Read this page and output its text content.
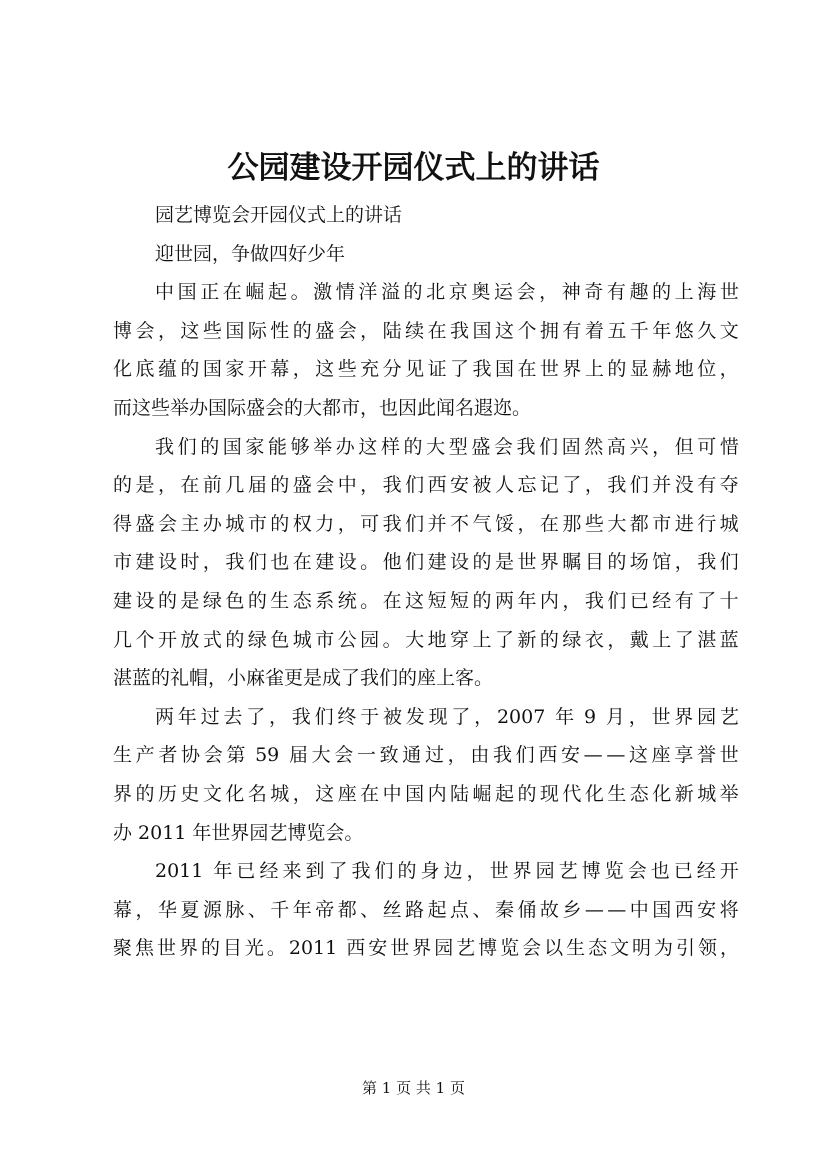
公园建设开园仪式上的讲话
园艺博览会开园仪式上的讲话
迎世园，争做四好少年
中 国 正 在 崛 起 。 激 情 洋 溢 的 北 京 奥 运 会 ， 神 奇 有 趣 的 上 海 世
博 会 ， 这 些 国 际 性 的 盛 会 ， 陆 续 在 我 国 这 个 拥 有 着 五 千 年 悠 久 文
化 底 蕴 的 国 家 开 幕 ， 这 些 充 分 见 证 了 我 国 在 世 界 上 的 显 赫 地 位 ，
而这些举办国际盛会的大都市，也因此闻名遐迩。
我 们 的 国 家 能 够 举 办 这 样 的 大 型 盛 会 我 们 固 然 高 兴 ， 但 可 惜
的 是 ， 在 前 几 届 的 盛 会 中 ， 我 们 西 安 被 人 忘 记 了 ， 我 们 并 没 有 夺
得 盛 会 主 办 城 市 的 权 力 ， 可 我 们 并 不 气 馁 ， 在 那 些 大 都 市 进 行 城
市 建 设 时 ， 我 们 也 在 建 设 。 他 们 建 设 的 是 世 界 瞩 目 的 场 馆 ， 我 们
建 设 的 是 绿 色 的 生 态 系 统 。 在 这 短 短 的 两 年 内 ， 我 们 已 经 有 了 十
几 个 开 放 式 的 绿 色 城 市 公 园 。 大 地 穿 上 了 新 的 绿 衣 ， 戴 上 了 湛 蓝
湛蓝的礼帽，小麻雀更是成了我们的座上客。
两 年 过 去 了 ， 我 们 终 于 被 发 现 了 ， 2007 年 9 月 ， 世 界 园 艺
生 产 者 协 会 第 59 届 大 会 一 致 通 过 ， 由 我 们 西 安 — — 这 座 享 誉 世
界 的 历 史 文 化 名 城 ， 这 座 在 中 国 内 陆 崛 起 的 现 代 化 生 态 化 新 城 举
办 2011 年世界园艺博览会。
2011 年 已 经 来 到 了 我 们 的 身 边 ， 世 界 园 艺 博 览 会 也 已 经 开
幕 ， 华 夏 源 脉 、 千 年 帝 都 、 丝 路 起 点 、 秦 俑 故 乡 — — 中 国 西 安 将
聚 焦 世 界 的 目 光 。 2011 西 安 世 界 园 艺 博 览 会 以 生 态 文 明 为 引 领 ，
第 1 页 共 1 页
